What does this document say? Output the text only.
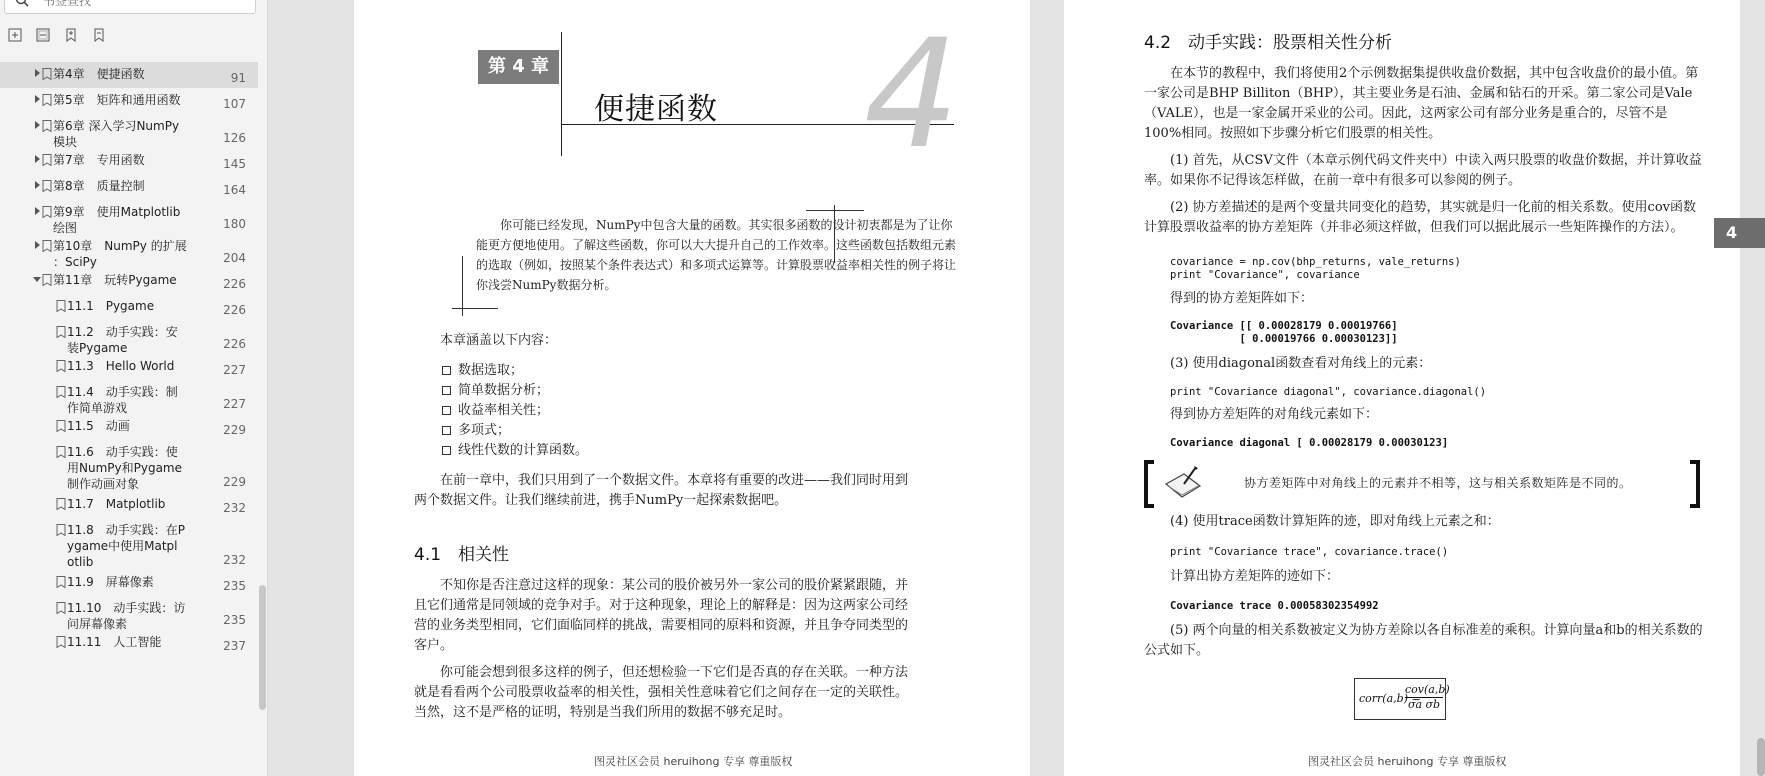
书签查找
第4章　便捷函数	91
第5章　矩阵和通用函数	107
第6章 深入学习NumPy
模块	126
第7章　专用函数	145
第8章　质量控制	164
第9章　使用Matplotlib
绘图	180
第10章　NumPy 的扩展
：SciPy	204
第11章　玩转Pygame	226
11.1　Pygame	226
11.2　动手实践：安
装Pygame	226
11.3　Hello World	227
11.4　动手实践：制
作简单游戏	227
11.5　动画	229
11.6　动手实践：使
用NumPy和Pygame
制作动画对象	229
11.7　Matplotlib	232
11.8　动手实践：在P
ygame中使用Matpl
otlib	232
11.9　屏幕像素	235
11.10　动手实践：访
问屏幕像素	235
11.11　人工智能	237
第 4 章 4
便捷函数

你可能已经发现，NumPy中包含大量的函数。其实很多函数的设计初衷都是为了让你能更方便地使用。了解这些函数，你可以大大提升自己的工作效率。这些函数包括数组元素的选取（例如，按照某个条件表达式）和多项式运算等。计算股票收益率相关性的例子将让你浅尝NumPy数据分析。

本章涵盖以下内容：
数据选取；
简单数据分析；
收益率相关性；
多项式；
线性代数的计算函数。

在前一章中，我们只用到了一个数据文件。本章将有重要的改进——我们同时用到两个数据文件。让我们继续前进，携手NumPy一起探索数据吧。

4.1　相关性

不知你是否注意过这样的现象：某公司的股价被另外一家公司的股价紧紧跟随，并且它们通常是同领域的竞争对手。对于这种现象，理论上的解释是：因为这两家公司经营的业务类型相同，它们面临同样的挑战，需要相同的原料和资源，并且争夺同类型的客户。

你可能会想到很多这样的例子，但还想检验一下它们是否真的存在关联。一种方法就是看看两个公司股票收益率的相关性，强相关性意味着它们之间存在一定的关联性。当然，这不是严格的证明，特别是当我们所用的数据不够充足时。

图灵社区会员 heruihong 专享 尊重版权
4.2　动手实践：股票相关性分析

在本节的教程中，我们将使用2个示例数据集提供收盘价数据，其中包含收盘价的最小值。第一家公司是BHP Billiton（BHP），其主要业务是石油、金属和钻石的开采。第二家公司是Vale（VALE），也是一家金属开采业的公司。因此，这两家公司有部分业务是重合的，尽管不是100%相同。按照如下步骤分析它们股票的相关性。

(1) 首先，从CSV文件（本章示例代码文件夹中）中读入两只股票的收盘价数据，并计算收益率。如果你不记得该怎样做，在前一章中有很多可以参阅的例子。

(2) 协方差描述的是两个变量共同变化的趋势，其实就是归一化前的相关系数。使用cov函数计算股票收益率的协方差矩阵（并非必须这样做，但我们可以据此展示一些矩阵操作的方法）。

covariance = np.cov(bhp_returns, vale_returns)
print "Covariance", covariance
得到的协方差矩阵如下：
Covariance [[ 0.00028179 0.00019766]
[ 0.00019766 0.00030123]]
(3) 使用diagonal函数查看对角线上的元素：
print "Covariance diagonal", covariance.diagonal()
得到协方差矩阵的对角线元素如下：
Covariance diagonal [ 0.00028179 0.00030123]
协方差矩阵中对角线上的元素并不相等，这与相关系数矩阵是不同的。
(4) 使用trace函数计算矩阵的迹，即对角线上元素之和：
print "Covariance trace", covariance.trace()
计算出协方差矩阵的迹如下：
Covariance trace 0.00058302354992

(5) 两个向量的相关系数被定义为协方差除以各自标准差的乘积。计算向量a和b的相关系数的公式如下。

corr(a,b) =
cov(a,b)
σa σb
图灵社区会员 heruihong 专享 尊重版权
4
